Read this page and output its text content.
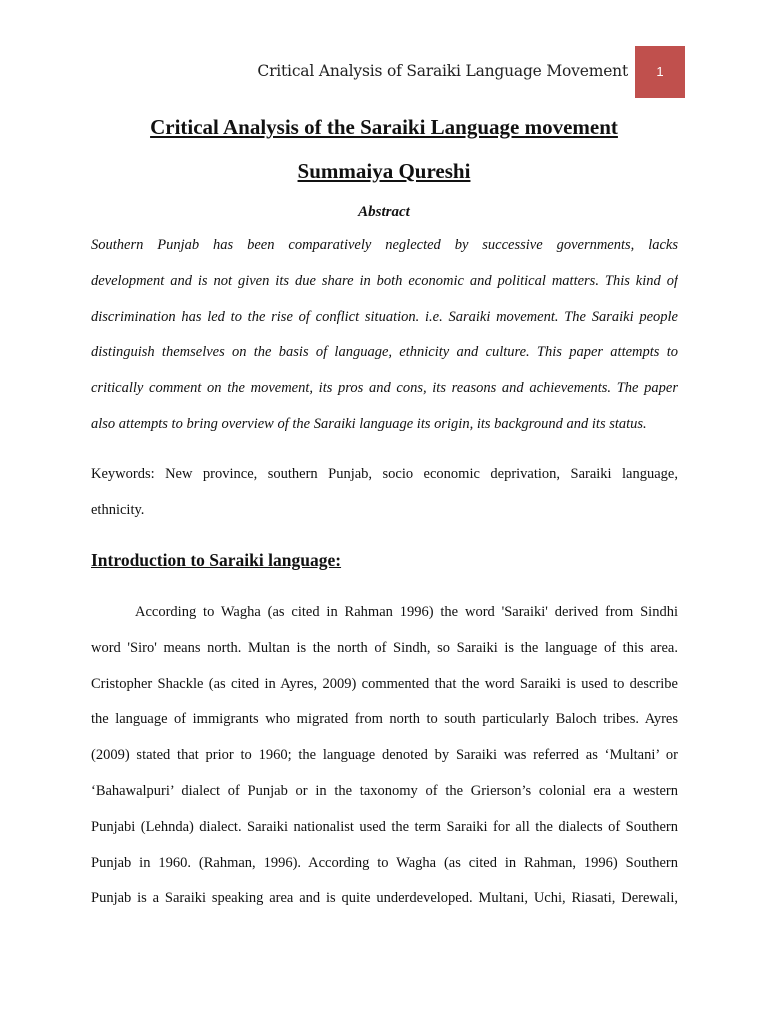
Critical Analysis of Saraiki Language Movement 1
Critical Analysis of the Saraiki Language movement
Summaiya Qureshi
Abstract

Southern Punjab has been comparatively neglected by successive governments, lacks
development and is not given its due share in both economic and political matters. This kind of
discrimination has led to the rise of conflict situation. i.e. Saraiki movement. The Saraiki people
distinguish themselves on the basis of language, ethnicity and culture. This paper attempts to
critically comment on the movement, its pros and cons, its reasons and achievements. The paper
also attempts to bring overview of the Saraiki language its origin, its background and its status.

Keywords: New province, southern Punjab, socio economic deprivation, Saraiki language,
ethnicity.

Introduction to Saraiki language:

According to Wagha (as cited in Rahman 1996) the word 'Saraiki' derived from Sindhi
word 'Siro' means north. Multan is the north of Sindh, so Saraiki is the language of this area.
Cristopher Shackle (as cited in Ayres, 2009) commented that the word Saraiki is used to describe
the language of immigrants who migrated from north to south particularly Baloch tribes. Ayres
(2009) stated that prior to 1960; the language denoted by Saraiki was referred as ‘Multani’ or
‘Bahawalpuri’ dialect of Punjab or in the taxonomy of the Grierson’s colonial era a western
Punjabi (Lehnda) dialect. Saraiki nationalist used the term Saraiki for all the dialects of Southern
Punjab in 1960. (Rahman, 1996). According to Wagha (as cited in Rahman, 1996) Southern
Punjab is a Saraiki speaking area and is quite underdeveloped. Multani, Uchi, Riasati, Derewali,
